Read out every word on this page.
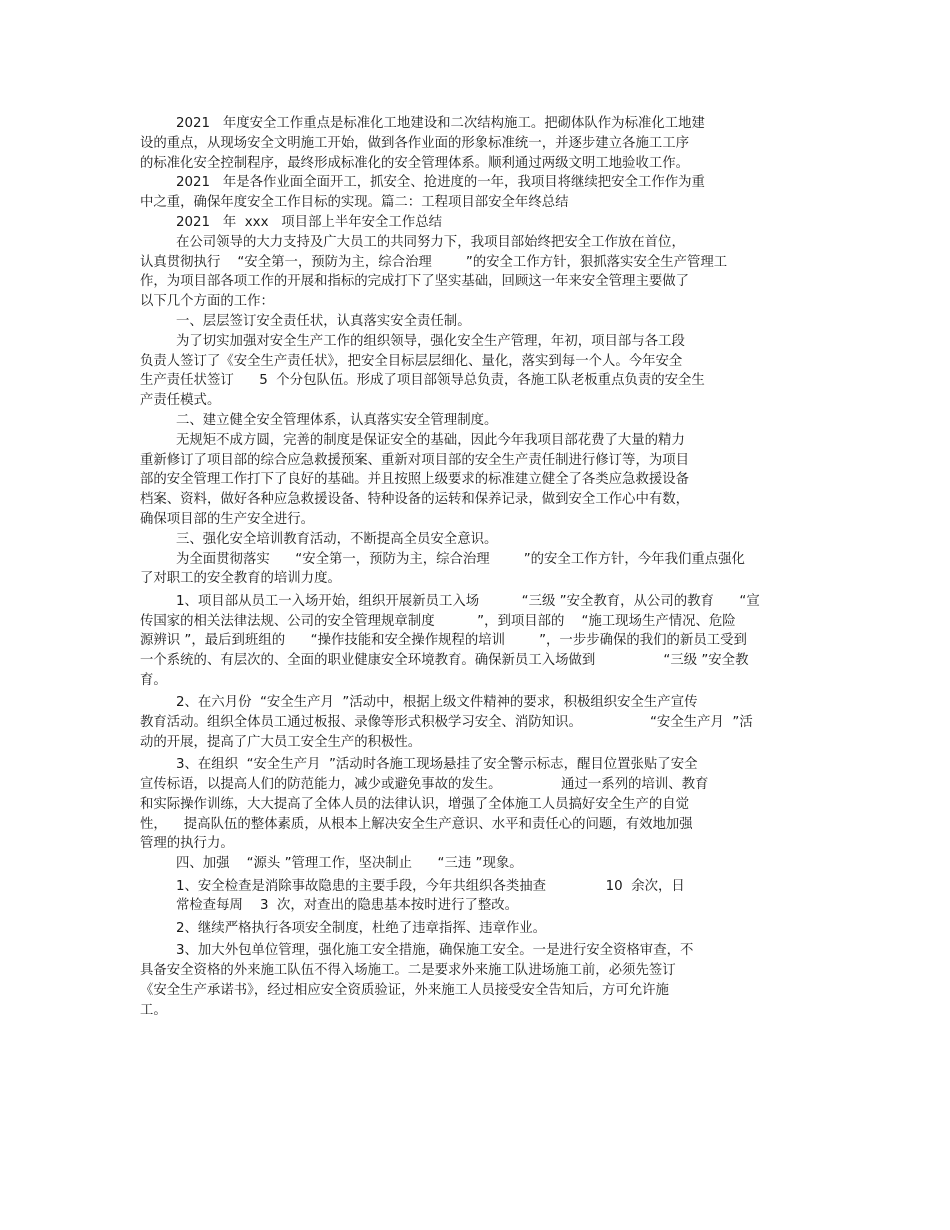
2021   年度安全工作重点是标准化工地建设和二次结构施工。把砌体队作为标准化工地建
设的重点，从现场安全文明施工开始，做到各作业面的形象标准统一，并逐步建立各施工工序
的标准化安全控制程序，最终形成标准化的安全管理体系。顺利通过两级文明工地验收工作。
2021   年是各作业面全面开工，抓安全、抢进度的一年，我项目将继续把安全工作作为重
中之重，确保年度安全工作目标的实现。篇二：工程项目部安全年终总结
2021   年  xxx   项目部上半年安全工作总结
在公司领导的大力支持及广大员工的共同努力下，我项目部始终把安全工作放在首位，
认真贯彻执行    “安全第一，预防为主，综合治理        ”的安全工作方针，狠抓落实安全生产管理工
作，为项目部各项工作的开展和指标的完成打下了坚实基础，回顾这一年来安全管理主要做了
以下几个方面的工作：
一、层层签订安全责任状，认真落实安全责任制。
为了切实加强对安全生产工作的组织领导，强化安全生产管理，年初，项目部与各工段
负责人签订了《安全生产责任状》，把安全目标层层细化、量化，落实到每一个人。今年安全
生产责任状签订      5  个分包队伍。形成了项目部领导总负责，各施工队老板重点负责的安全生
产责任模式。
二、建立健全安全管理体系，认真落实安全管理制度。
无规矩不成方圆，完善的制度是保证安全的基础，因此今年我项目部花费了大量的精力
重新修订了项目部的综合应急救援预案、重新对项目部的安全生产责任制进行修订等，为项目
部的安全管理工作打下了良好的基础。并且按照上级要求的标准建立健全了各类应急救援设备
档案、资料，做好各种应急救援设备、特种设备的运转和保养记录，做到安全工作心中有数，
确保项目部的生产安全进行。
三、强化安全培训教育活动，不断提高全员安全意识。
为全面贯彻落实      “安全第一，预防为主，综合治理        ”的安全工作方针，今年我们重点强化
了对职工的安全教育的培训力度。
1、项目部从员工一入场开始，组织开展新员工入场          “三级 ”安全教育，从公司的教育      “宣
传国家的相关法律法规、公司的安全管理规章制度          ”，到项目部的    “施工现场生产情况、危险
源辨识 ”，最后到班组的      “操作技能和安全操作规程的培训        ”，一步步确保的我们的新员工受到
一个系统的、有层次的、全面的职业健康安全环境教育。确保新员工入场做到                “三级 ”安全教
育。
2、在六月份  “安全生产月  ”活动中，根据上级文件精神的要求，积极组织安全生产宣传
教育活动。组织全体员工通过板报、录像等形式积极学习安全、消防知识。                “安全生产月  ”活
动的开展，提高了广大员工安全生产的积极性。
3、在组织  “安全生产月  ”活动时各施工现场悬挂了安全警示标志，醒目位置张贴了安全
宣传标语，以提高人们的防范能力，减少或避免事故的发生。              通过一系列的培训、教育
和实际操作训练，大大提高了全体人员的法律认识，增强了全体施工人员搞好安全生产的自觉
性，    提高队伍的整体素质，从根本上解决安全生产意识、水平和责任心的问题，有效地加强
管理的执行力。
四、加强    “源头 ”管理工作，坚决制止      “三违 ”现象。
1、安全检查是消除事故隐患的主要手段，今年共组织各类抽查              10  余次，日
常检查每周    3  次，对查出的隐患基本按时进行了整改。
2、继续严格执行各项安全制度，杜绝了违章指挥、违章作业。
3、加大外包单位管理，强化施工安全措施，确保施工安全。一是进行安全资格审查，不
具备安全资格的外来施工队伍不得入场施工。二是要求外来施工队进场施工前，必须先签订
《安全生产承诺书》，经过相应安全资质验证，外来施工人员接受安全告知后，方可允许施
工。
